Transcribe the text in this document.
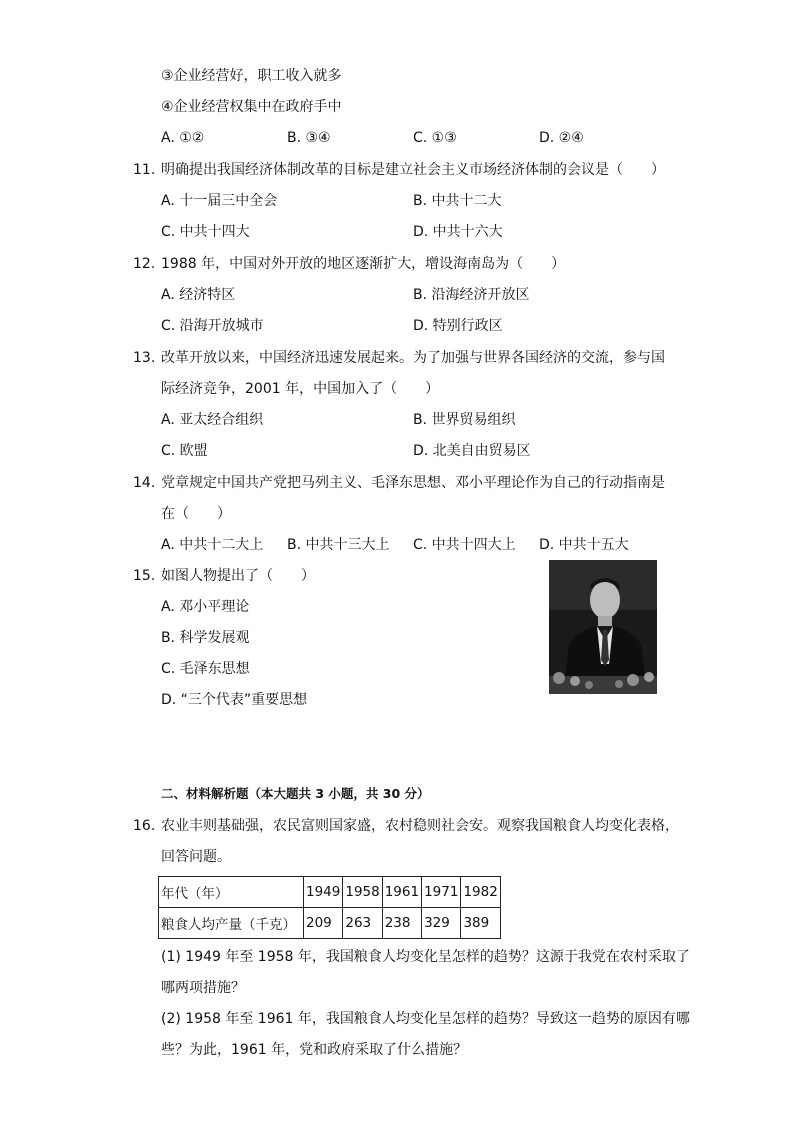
③企业经营好，职工收入就多
④企业经营权集中在政府手中
A. ①②	B. ③④	C. ①③	D. ②④
11. 明确提出我国经济体制改革的目标是建立社会主义市场经济体制的会议是（　　）
A. 十一届三中全会	B. 中共十二大
C. 中共十四大	D. 中共十六大
12. 1988 年，中国对外开放的地区逐渐扩大，增设海南岛为（　　）
A. 经济特区	B. 沿海经济开放区
C. 沿海开放城市	D. 特别行政区
13. 改革开放以来，中国经济迅速发展起来。为了加强与世界各国经济的交流，参与国
际经济竞争，2001 年，中国加入了（　　）
A. 亚太经合组织	B. 世界贸易组织
C. 欧盟	D. 北美自由贸易区
14. 党章规定中国共产党把马列主义、毛泽东思想、邓小平理论作为自己的行动指南是
在（　　）
A. 中共十二大上 B. 中共十三大上 C. 中共十四大上 D. 中共十五大
15. 如图人物提出了（　　）
A. 邓小平理论
B. 科学发展观
C. 毛泽东思想
D. “三个代表”重要思想
二、材料解析题（本大题共 3 小题，共 30 分）
16. 农业丰则基础强，农民富则国家盛，农村稳则社会安。观察我国粮食人均变化表格，
回答问题。
年代（年）	1949	1958	1961	1971	1982
粮食人均产量（千克）	209	263	238	329	389
(1) 1949 年至 1958 年，我国粮食人均变化呈怎样的趋势？这源于我党在农村采取了
哪两项措施？
(2) 1958 年至 1961 年，我国粮食人均变化呈怎样的趋势？导致这一趋势的原因有哪
些？为此，1961 年，党和政府采取了什么措施？
